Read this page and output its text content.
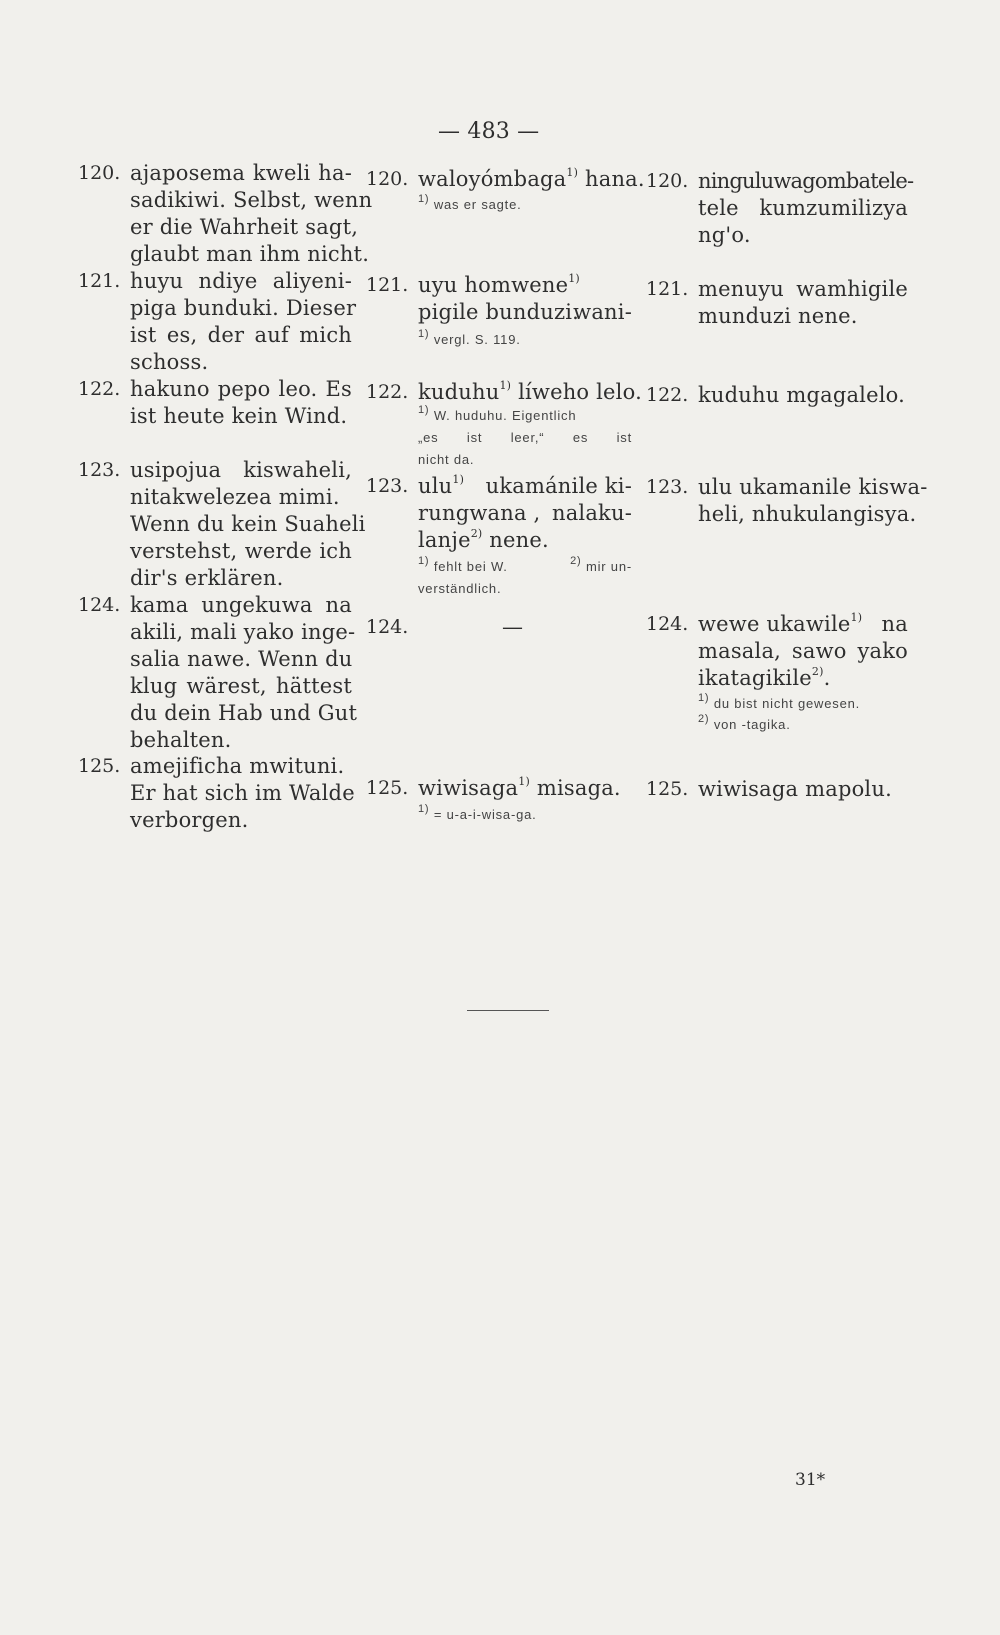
— 483 —
120.
121.
122.
123.
124.
125.
ajaposema kweli ha-
sadikiwi. Selbst, wenn
er die Wahrheit sagt,
glaubt man ihm nicht.
huyu ndiye aliyeni-
piga bunduki. Dieser
ist es, der auf mich
schoss.
hakuno pepo leo. Es
ist heute kein Wind.
usipojua kiswaheli,
nitakwelezea mimi.
Wenn du kein Suaheli
verstehst, werde ich
dir's erklären.
kama ungekuwa na
akili, mali yako inge-
salia nawe. Wenn du
klug wärest, hättest
du dein Hab und Gut
behalten.
amejificha mwituni.
Er hat sich im Walde
verborgen.
120.
121.
122.
123.
124.
125.
waloyómbaga$^{1)}$ hana.
$^{1)}$ was er sagte.
uyu homwene$^{1)}$
wani-
pigile bunduzi.
$^{1)}$ vergl. S. 119.
kuduhu$^{1)}$ líweho lelo.
$^{1)}$ W. huduhu. Eigentlich
„es ist leer,“ es ist
nicht da.
ulu$^{1)}$ ukamánile ki-
rungwana , nalaku-
lanje$^{2)}$ nene.
$^{1)}$ fehlt bei W.	$^{2)}$ mir un-
verständlich.
—
wiwisaga$^{1)}$ misaga.
$^{1)}$ = u-a-i-wisa-ga.
120.
121.
122.
123.
124.
125.
ninguluwagombatele-
tele kumzumilizya
ng'o.
menuyu wamhigile
munduzi nene.
kuduhu mgagalelo.
ulu ukamanile kiswa-
heli, nhukulangisya.
wewe ukawile$^{1)}$ na
masala, sawo yako
ikatagikile$^{2)}$.
$^{1)}$ du bist nicht gewesen.
$^{2)}$ von -tagika.
wiwisaga mapolu.
31*
